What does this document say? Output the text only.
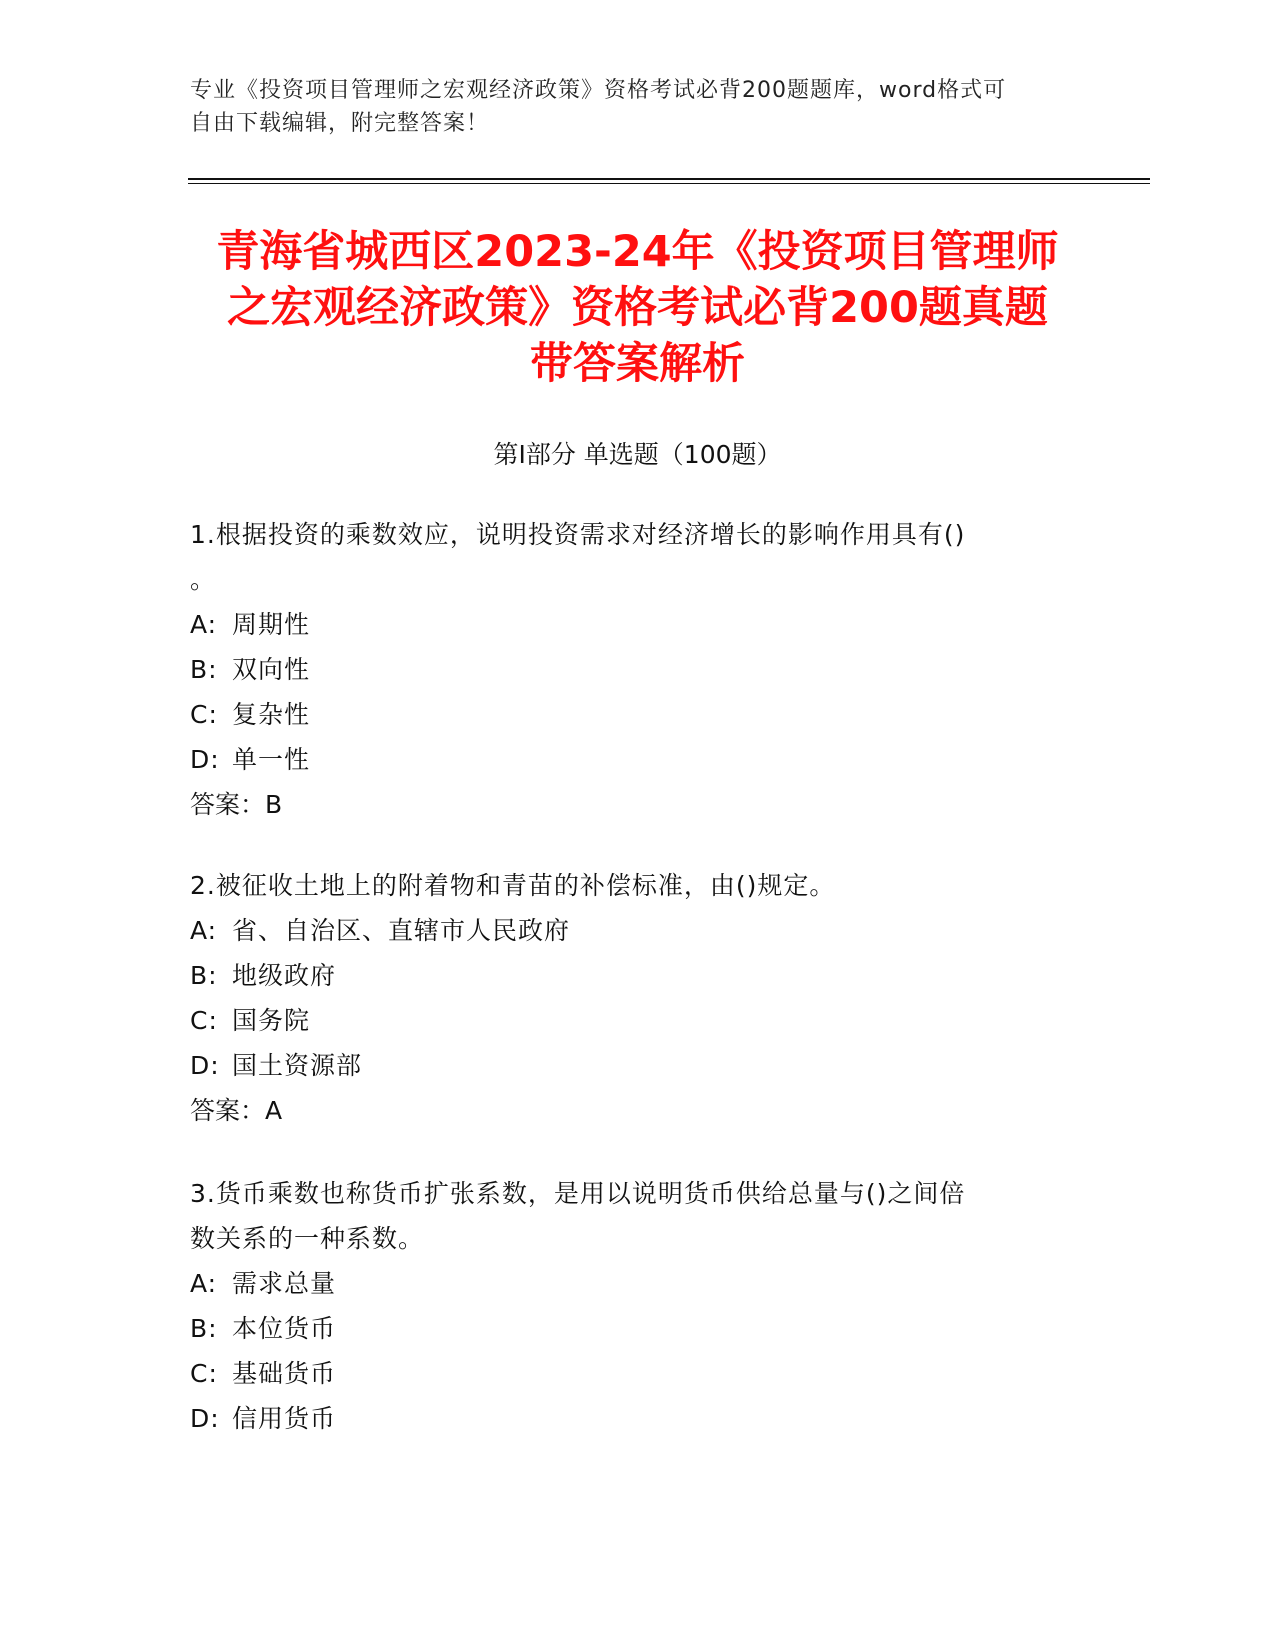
专业《投资项目管理师之宏观经济政策》资格考试必背200题题库，word格式可
自由下载编辑，附完整答案！
青海省城西区2023-24年《投资项目管理师
之宏观经济政策》资格考试必背200题真题
带答案解析
第Ⅰ部分 单选题（100题）
1.根据投资的乘数效应，说明投资需求对经济增长的影响作用具有()
。
A: 周期性
B: 双向性
C: 复杂性
D: 单一性
答案：B
2.被征收土地上的附着物和青苗的补偿标准，由()规定。
A: 省、自治区、直辖市人民政府
B: 地级政府
C: 国务院
D: 国土资源部
答案：A
3.货币乘数也称货币扩张系数，是用以说明货币供给总量与()之间倍
数关系的一种系数。
A: 需求总量
B: 本位货币
C: 基础货币
D: 信用货币
